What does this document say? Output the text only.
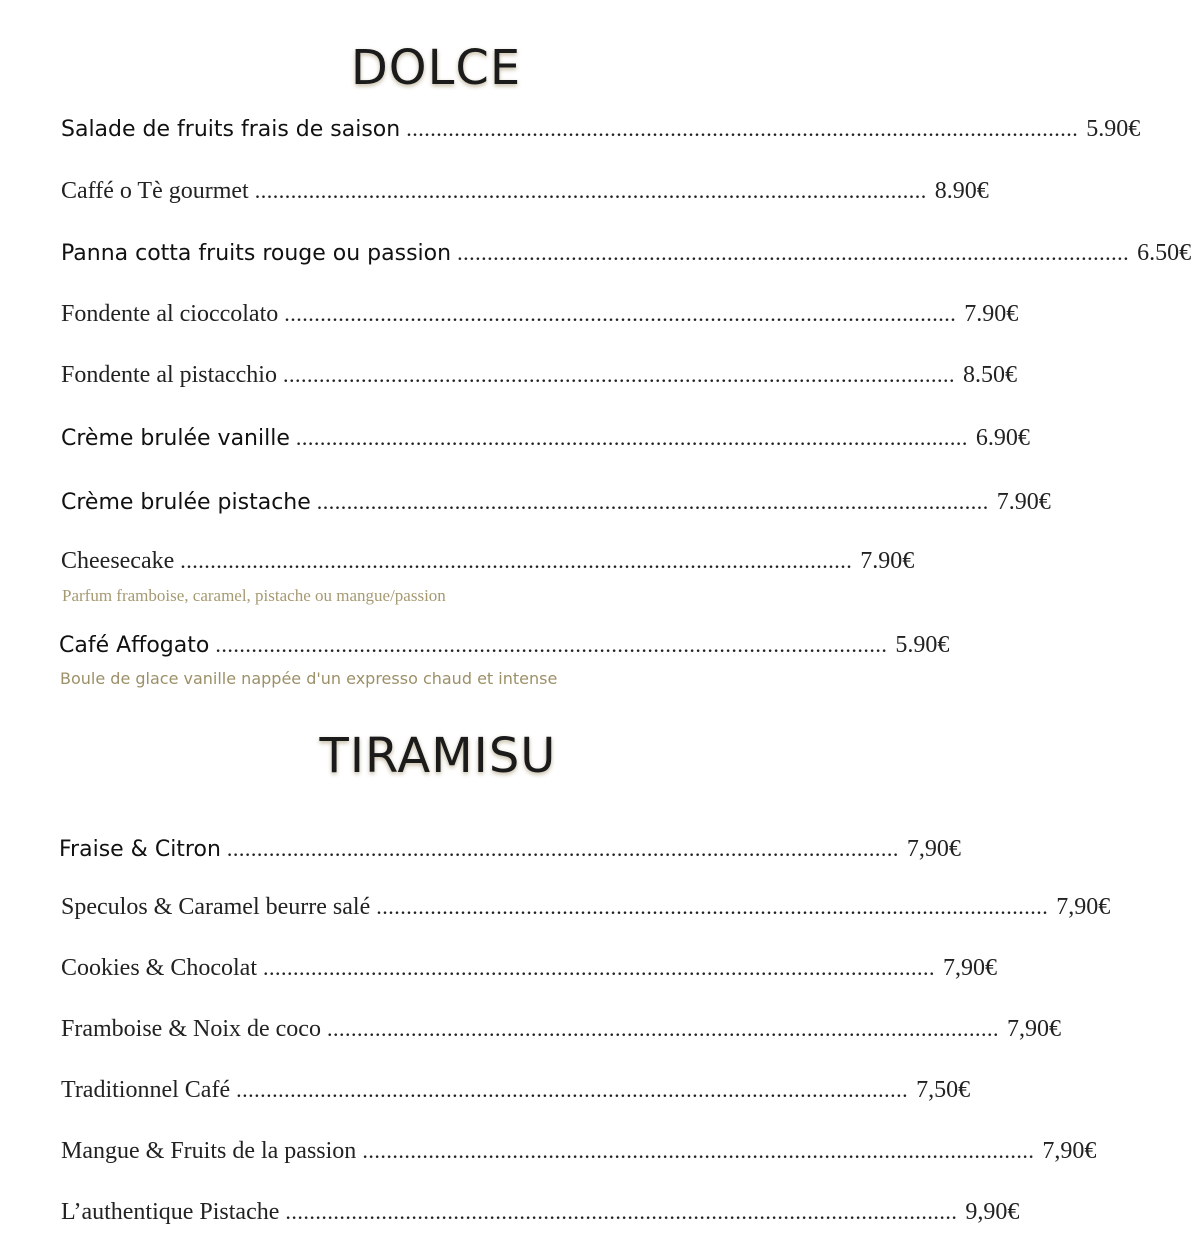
DOLCE
Salade de fruits frais de saison ................................................................................................................ 5.90€
Caffé o Tè gourmet ................................................................................................................ 8.90€
Panna cotta fruits rouge ou passion ................................................................................................................ 6.50€
Fondente al cioccolato ................................................................................................................ 7.90€
Fondente al pistacchio ................................................................................................................ 8.50€
Crème brulée vanille ................................................................................................................ 6.90€
Crème brulée pistache ................................................................................................................ 7.90€
Cheesecake ................................................................................................................ 7.90€
Parfum framboise, caramel, pistache ou mangue/passion
Café Affogato ................................................................................................................ 5.90€
Boule de glace vanille nappée d'un expresso chaud et intense
TIRAMISU
Fraise & Citron ................................................................................................................ 7,90€
Speculos & Caramel beurre salé ................................................................................................................ 7,90€
Cookies & Chocolat ................................................................................................................ 7,90€
Framboise & Noix de coco ................................................................................................................ 7,90€
Traditionnel Café ................................................................................................................ 7,50€
Mangue & Fruits de la passion ................................................................................................................ 7,90€
L’authentique Pistache ................................................................................................................ 9,90€
